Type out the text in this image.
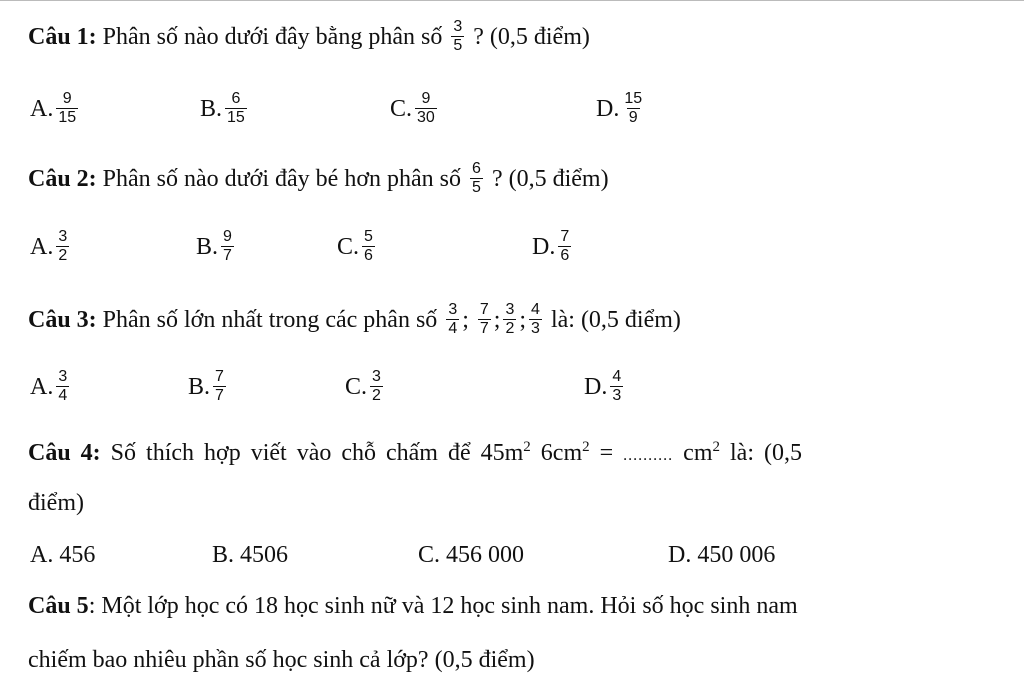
Câu 1: Phân số nào dưới đây bằng phân số $\frac{3}{5}$ ? (0,5 điểm)
A. $\frac{9}{15}$	B. $\frac{6}{15}$	C. $\frac{9}{30}$	D. $\frac{15}{9}$
Câu 2: Phân số nào dưới đây bé hơn phân số $\frac{6}{5}$ ? (0,5 điểm)
A. $\frac{3}{2}$	B. $\frac{9}{7}$	C. $\frac{5}{6}$	D. $\frac{7}{6}$
Câu 3: Phân số lớn nhất trong các phân số $\frac{3}{4}$ ; $\frac{7}{7}$ ; $\frac{3}{2}$ ; $\frac{4}{3}$ là: (0,5 điểm)
A. $\frac{3}{4}$	B. $\frac{7}{7}$	C. $\frac{3}{2}$	D. $\frac{4}{3}$
Câu 4: Số thích hợp viết vào chỗ chấm để $45m^2$ $6cm^2$ = .......... $cm^2$ là: (0,5
điểm)
A. 456	B. 4506	C. 456 000	D. 450 006
Câu 5: Một lớp học có 18 học sinh nữ và 12 học sinh nam. Hỏi số học sinh nam
chiếm bao nhiêu phần số học sinh cả lớp? (0,5 điểm)
